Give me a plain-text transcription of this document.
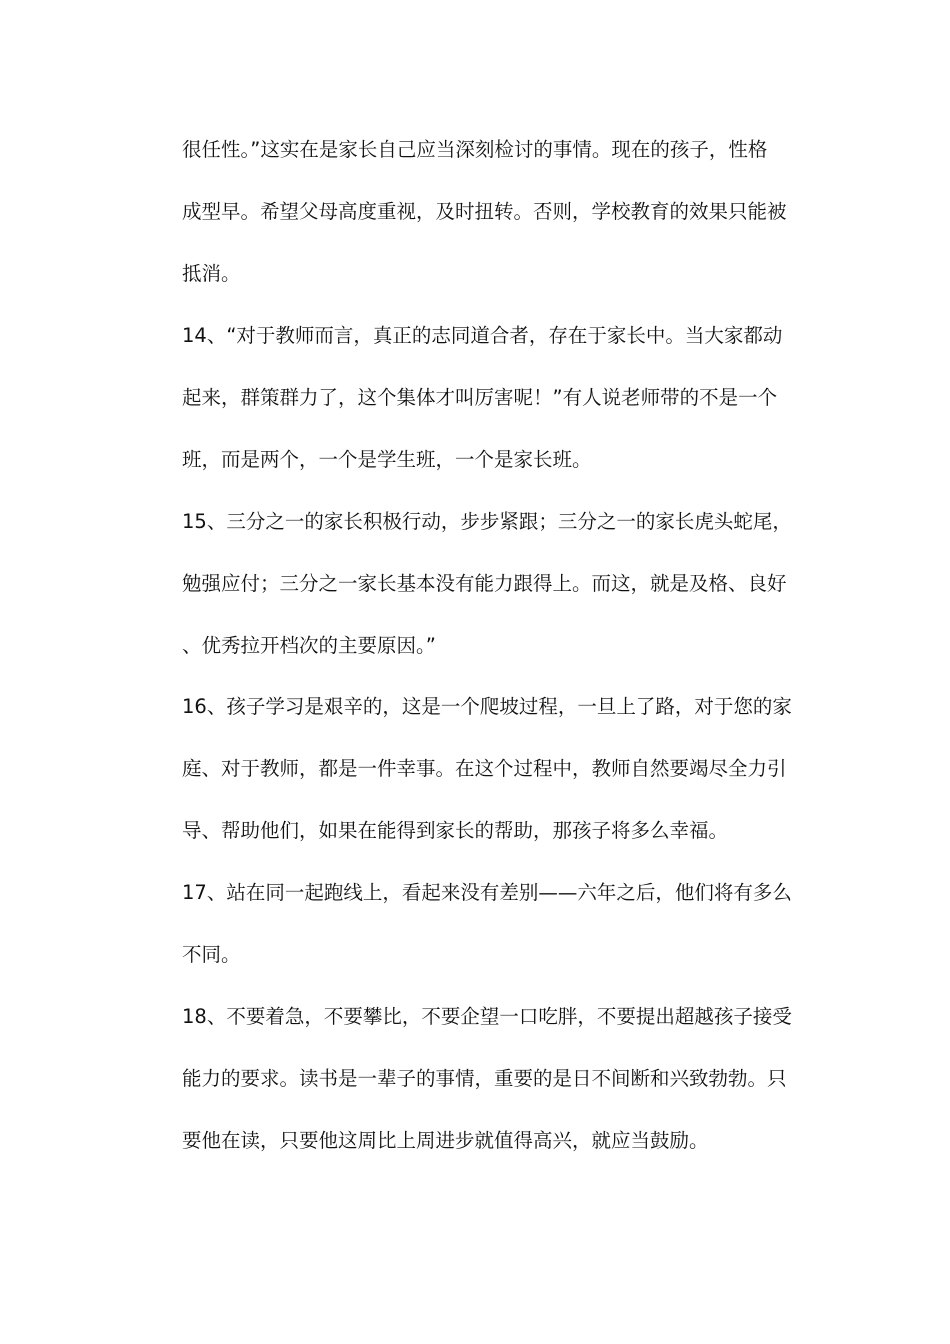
很任性。”这实在是家长自己应当深刻检讨的事情。现在的孩子，性格
成型早。希望父母高度重视，及时扭转。否则，学校教育的效果只能被
抵消。
14、“对于教师而言，真正的志同道合者，存在于家长中。当大家都动
起来，群策群力了，这个集体才叫厉害呢！”有人说老师带的不是一个
班，而是两个，一个是学生班，一个是家长班。
15、三分之一的家长积极行动，步步紧跟；三分之一的家长虎头蛇尾，
勉强应付；三分之一家长基本没有能力跟得上。而这，就是及格、良好
、优秀拉开档次的主要原因。”
16、孩子学习是艰辛的，这是一个爬坡过程，一旦上了路，对于您的家
庭、对于教师，都是一件幸事。在这个过程中，教师自然要竭尽全力引
导、帮助他们，如果在能得到家长的帮助，那孩子将多么幸福。
17、站在同一起跑线上，看起来没有差别——六年之后，他们将有多么
不同。
18、不要着急，不要攀比，不要企望一口吃胖，不要提出超越孩子接受
能力的要求。读书是一辈子的事情，重要的是日不间断和兴致勃勃。只
要他在读，只要他这周比上周进步就值得高兴，就应当鼓励。
